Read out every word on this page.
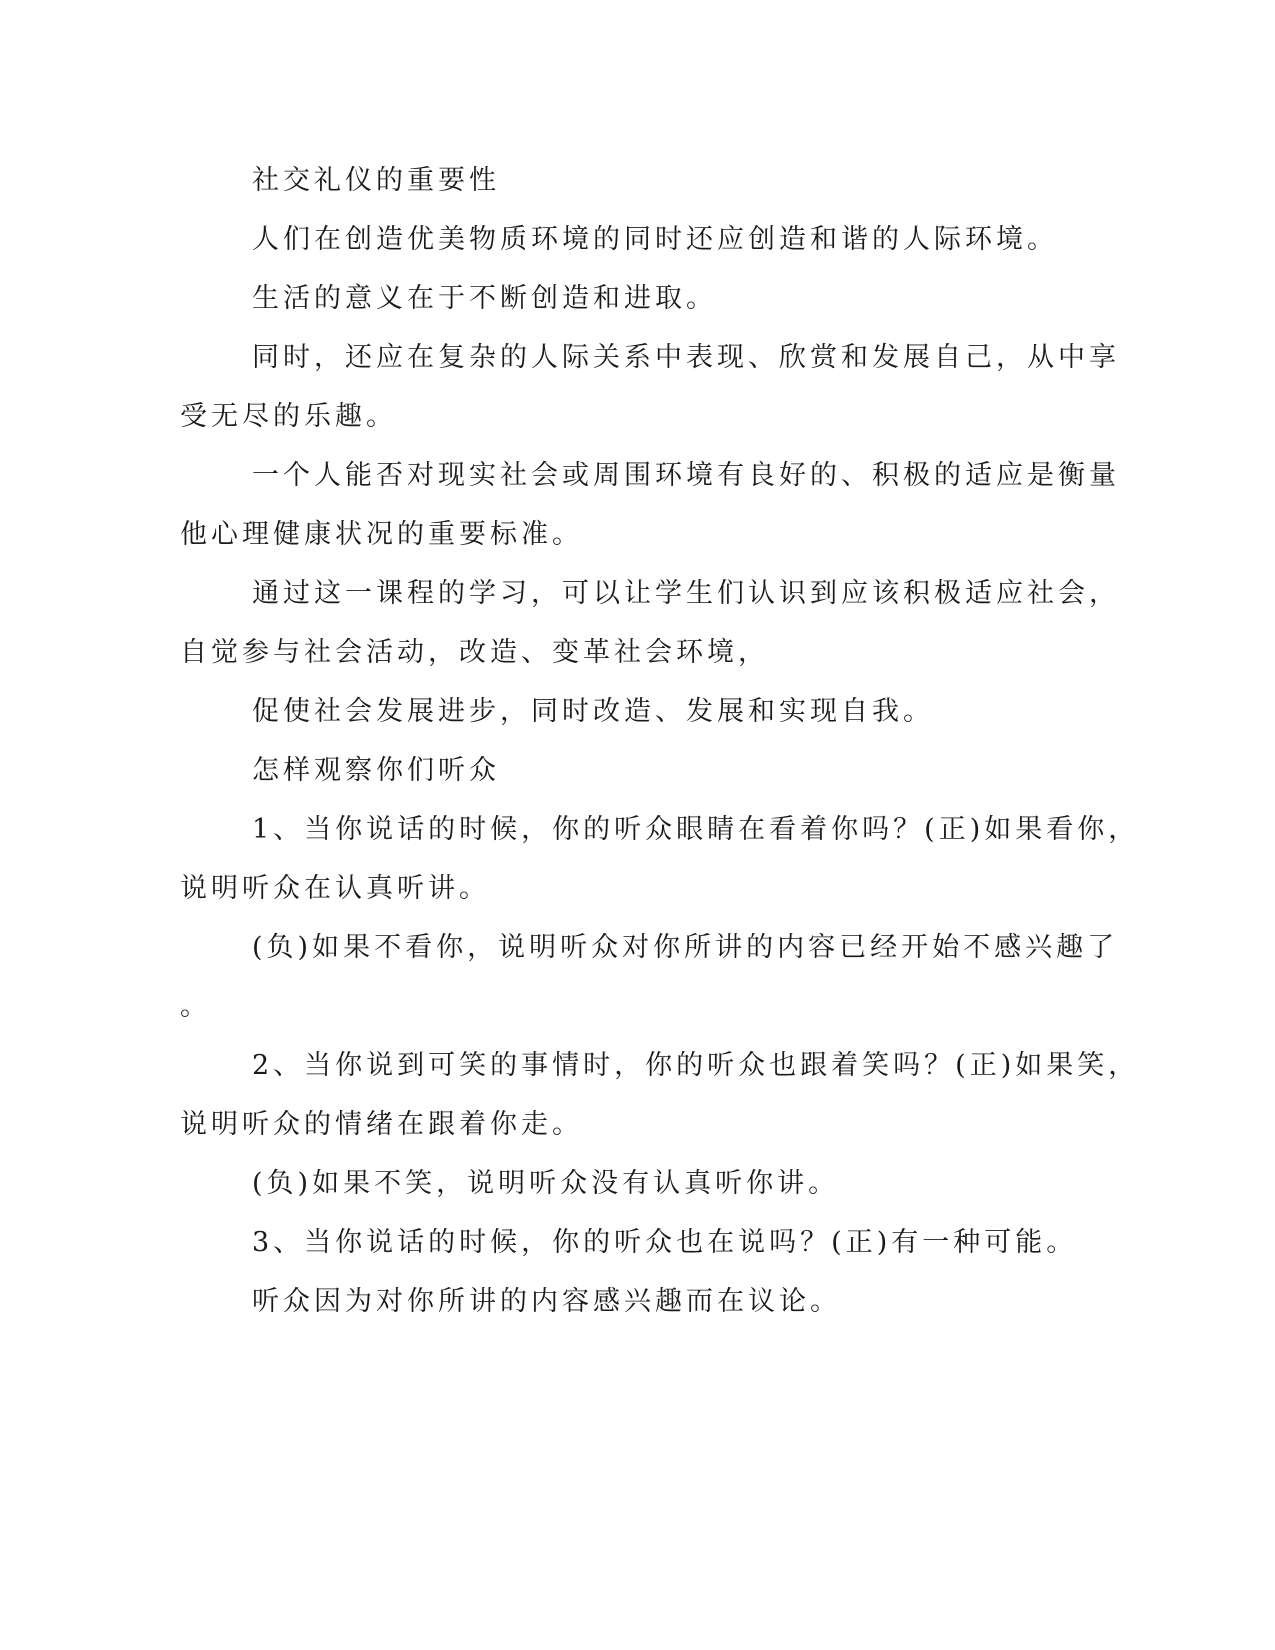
社交礼仪的重要性
人们在创造优美物质环境的同时还应创造和谐的人际环境。
生活的意义在于不断创造和进取。
同时，还应在复杂的人际关系中表现、欣赏和发展自己，从中享
受无尽的乐趣。
一个人能否对现实社会或周围环境有良好的、积极的适应是衡量
他心理健康状况的重要标准。
通过这一课程的学习，可以让学生们认识到应该积极适应社会，
自觉参与社会活动，改造、变革社会环境，
促使社会发展进步，同时改造、发展和实现自我。
怎样观察你们听众
1、当你说话的时候，你的听众眼睛在看着你吗？(正)如果看你，
说明听众在认真听讲。
(负)如果不看你，说明听众对你所讲的内容已经开始不感兴趣了
。
2、当你说到可笑的事情时，你的听众也跟着笑吗？(正)如果笑，
说明听众的情绪在跟着你走。
(负)如果不笑，说明听众没有认真听你讲。
3、当你说话的时候，你的听众也在说吗？(正)有一种可能。
听众因为对你所讲的内容感兴趣而在议论。
